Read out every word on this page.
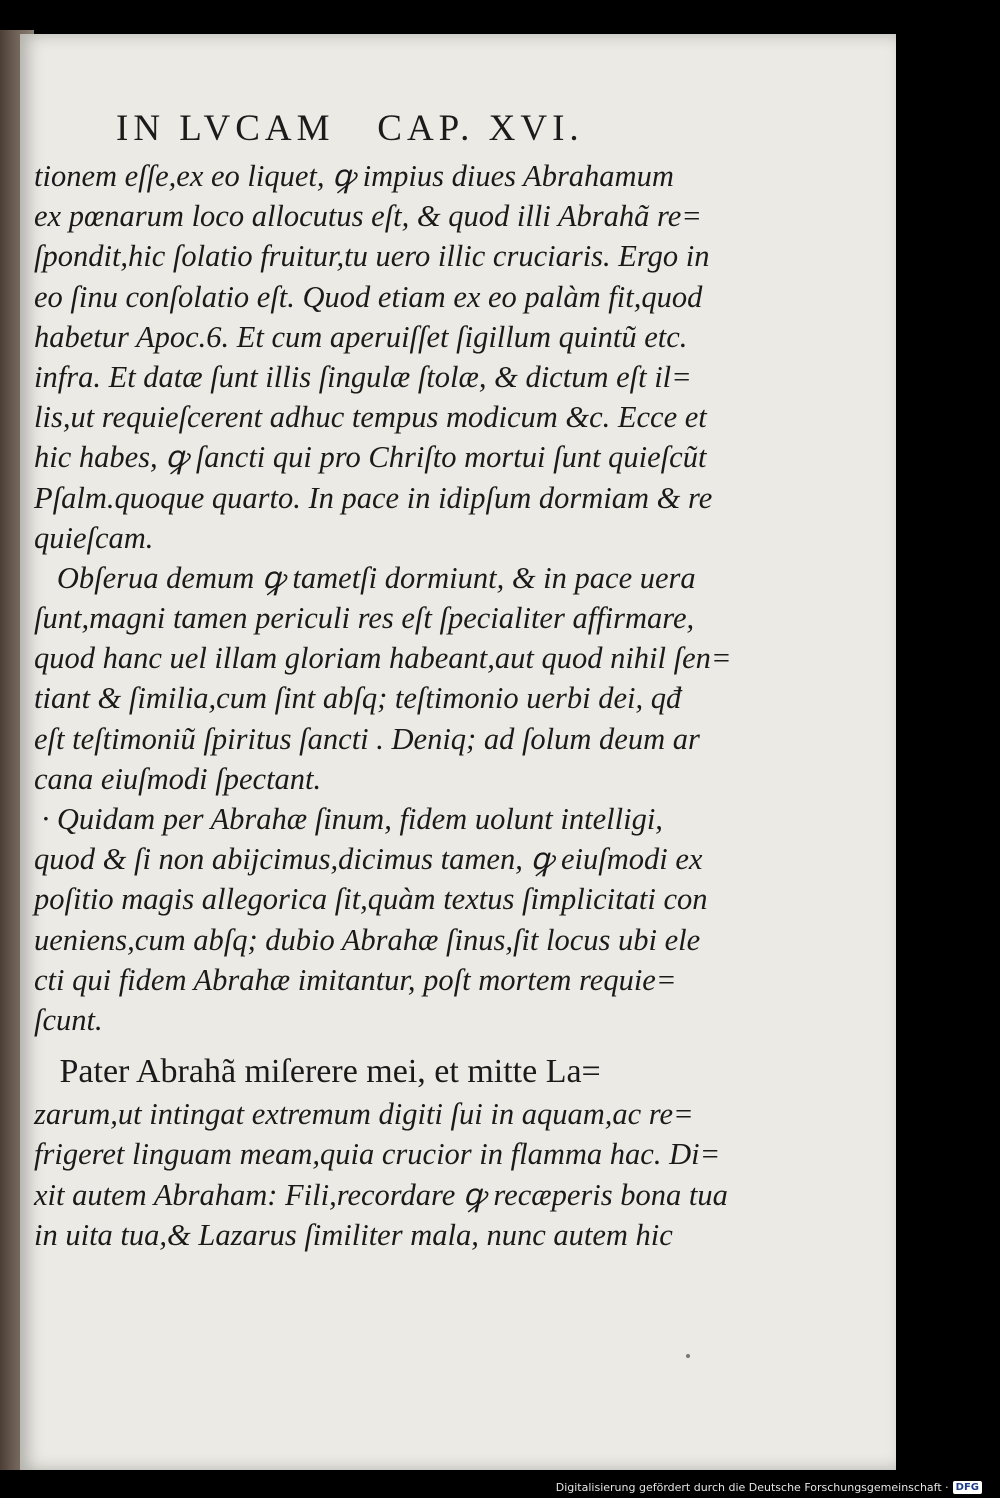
IN LVCAM   CAP. XVI.
tionem eſſe,ex eo liquet, ꝙ impius diues Abrahamum
ex pœnarum loco allocutus eſt, & quod illi Abrahã re=
ſpondit,hic ſolatio fruitur,tu uero illic cruciaris. Ergo in
eo ſinu conſolatio eſt. Quod etiam ex eo palàm fit,quod
habetur Apoc.6. Et cum aperuiſſet ſigillum quintũ etc.
infra. Et datæ ſunt illis ſingulæ ſtolæ, & dictum eſt il=
lis,ut requieſcerent adhuc tempus modicum &c. Ecce et
hic habes, ꝙ ſancti qui pro Chriſto mortui ſunt quieſcũt
Pſalm.quoque quarto. In pace in idipſum dormiam & re
quieſcam.
Obſerua demum ꝙ tametſi dormiunt, & in pace uera
ſunt,magni tamen periculi res eſt ſpecialiter affirmare,
quod hanc uel illam gloriam habeant,aut quod nihil ſen=
tiant & ſimilia,cum ſint abſq; teſtimonio uerbi dei, qđ
eſt teſtimoniũ ſpiritus ſancti . Deniq; ad ſolum deum ar
cana eiuſmodi ſpectant.
· Quidam per Abrahæ ſinum, fidem uolunt intelligi,
quod & ſi non abijcimus,dicimus tamen, ꝙ eiuſmodi ex
poſitio magis allegorica ſit,quàm textus ſimplicitati con
ueniens,cum abſq; dubio Abrahæ ſinus,ſit locus ubi ele
cti qui fidem Abrahæ imitantur, poſt mortem requie=
ſcunt.
Pater Abrahã miſerere mei, et mitte La=
zarum,ut intingat extremum digiti ſui in aquam,ac re=
frigeret linguam meam,quia crucior in flamma hac. Di=
xit autem Abraham: Fili,recordare ꝙ recæperis bona tua
in uita tua,& Lazarus ſimiliter mala, nunc autem hic
Digitalisierung gefördert durch die Deutsche Forschungsgemeinschaft · DFG
